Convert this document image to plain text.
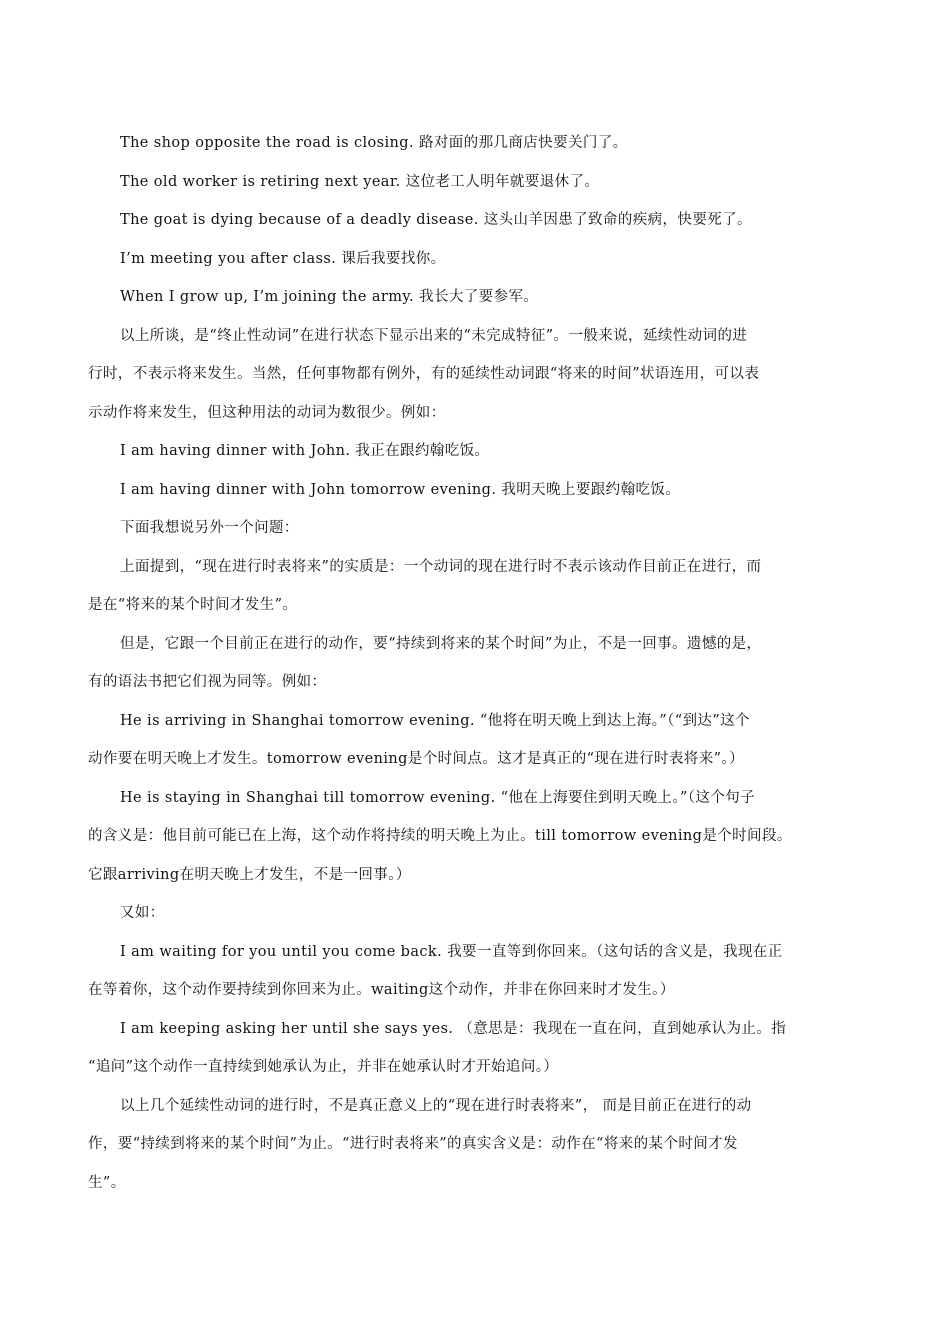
The shop opposite the road is closing. 路对面的那几商店快要关门了。

The old worker is retiring next year. 这位老工人明年就要退休了。

The goat is dying because of a deadly disease. 这头山羊因患了致命的疾病，快要死了。

I’m meeting you after class. 课后我要找你。

When I grow up, I’m joining the army. 我长大了要参军。

以上所谈，是“终止性动词”在进行状态下显示出来的“未完成特征”。一般来说，延续性动词的进
行时，不表示将来发生。当然，任何事物都有例外，有的延续性动词跟“将来的时间”状语连用，可以表
示动作将来发生，但这种用法的动词为数很少。例如：

I am having dinner with John. 我正在跟约翰吃饭。

I am having dinner with John tomorrow evening. 我明天晚上要跟约翰吃饭。

下面我想说另外一个问题：

上面提到，“现在进行时表将来”的实质是：一个动词的现在进行时不表示该动作目前正在进行，而
是在“将来的某个时间才发生”。

但是，它跟一个目前正在进行的动作，要“持续到将来的某个时间”为止，不是一回事。遗憾的是，
有的语法书把它们视为同等。例如：

He is arriving in Shanghai tomorrow evening. “他将在明天晚上到达上海。”（“到达”这个
动作要在明天晚上才发生。tomorrow evening是个时间点。这才是真正的“现在进行时表将来”。）

He is staying in Shanghai till tomorrow evening. “他在上海要住到明天晚上。”（这个句子
的含义是：他目前可能已在上海，这个动作将持续的明天晚上为止。till tomorrow evening是个时间段。
它跟arriving在明天晚上才发生，不是一回事。）

又如：

I am waiting for you until you come back. 我要一直等到你回来。（这句话的含义是，我现在正
在等着你，这个动作要持续到你回来为止。waiting这个动作，并非在你回来时才发生。）

I am keeping asking her until she says yes. （意思是：我现在一直在问，直到她承认为止。指
“追问”这个动作一直持续到她承认为止，并非在她承认时才开始追问。）

以上几个延续性动词的进行时，不是真正意义上的“现在进行时表将来”， 而是目前正在进行的动
作，要“持续到将来的某个时间”为止。“进行时表将来”的真实含义是：动作在“将来的某个时间才发
生”。
